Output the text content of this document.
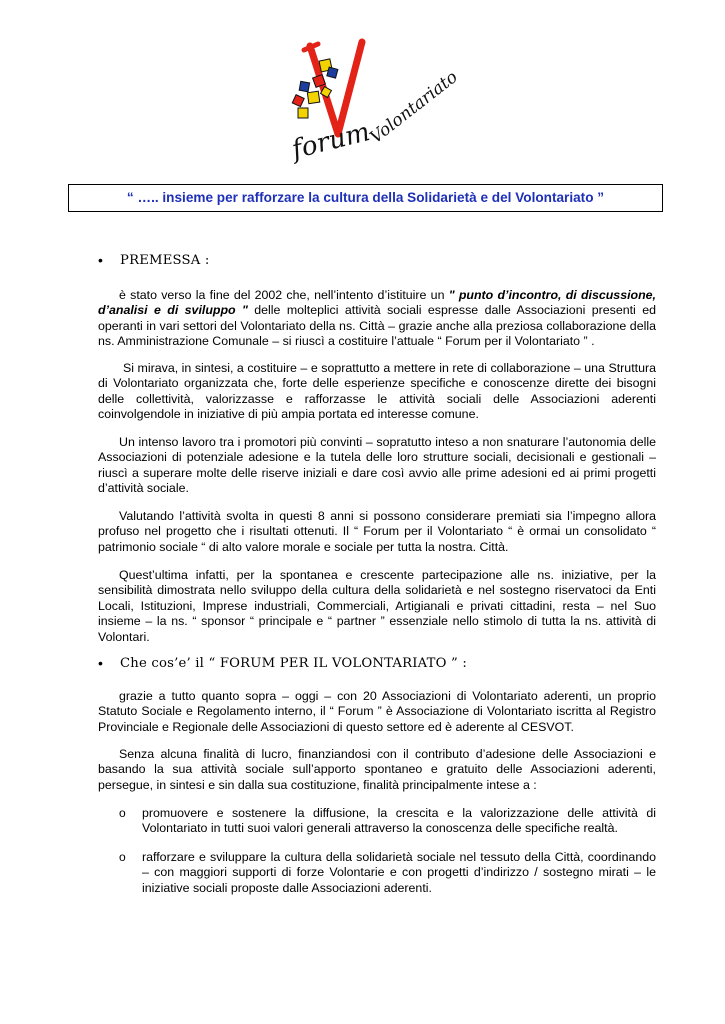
forum
Volontariato
“ ….. insieme per rafforzare la cultura della Solidarietà e del Volontariato ”
• PREMESSA :

è stato verso la fine del 2002 che, nell’intento d’istituire un " punto d’incontro, di discussione, d’analisi e di sviluppo " delle molteplici attività sociali espresse dalle Associazioni presenti ed operanti in vari settori del Volontariato della ns. Città – grazie anche alla preziosa collaborazione della ns. Amministrazione Comunale – si riuscì a costituire l’attuale “ Forum per il Volontariato ” .

Si mirava, in sintesi, a costituire – e soprattutto a mettere in rete di collaborazione – una Struttura di Volontariato organizzata che, forte delle esperienze specifiche e conoscenze dirette dei bisogni delle collettività, valorizzasse e rafforzasse le attività sociali delle Associazioni aderenti coinvolgendole in iniziative di più ampia portata ed interesse comune.

Un intenso lavoro tra i promotori più convinti – sopratutto inteso a non snaturare l’autonomia delle Associazioni di potenziale adesione e la tutela delle loro strutture sociali, decisionali e gestionali – riuscì a superare molte delle riserve iniziali e dare così avvio alle prime adesioni ed ai primi progetti d’attività sociale.

Valutando l’attività svolta in questi 8 anni si possono considerare premiati sia l’impegno allora profuso nel progetto che i risultati ottenuti. Il “ Forum per il Volontariato “ è ormai un consolidato “ patrimonio sociale “ di alto valore morale e sociale per tutta la nostra. Città.

Quest’ultima infatti, per la spontanea e crescente partecipazione alle ns. iniziative, per la sensibilità dimostrata nello sviluppo della cultura della solidarietà e nel sostegno riservatoci da Enti Locali, Istituzioni, Imprese industriali, Commerciali, Artigianali e privati cittadini, resta – nel Suo insieme – la ns. “ sponsor “ principale e “ partner ” essenziale nello stimolo di tutta la ns. attività di Volontari.

• Che cos’e’ il “ FORUM PER IL VOLONTARIATO ” :

grazie a tutto quanto sopra – oggi – con 20 Associazioni di Volontariato aderenti, un proprio Statuto Sociale e Regolamento interno, il “ Forum ” è Associazione di Volontariato iscritta al Registro Provinciale e Regionale delle Associazioni di questo settore ed è aderente al CESVOT.

Senza alcuna finalità di lucro, finanziandosi con il contributo d’adesione delle Associazioni e basando la sua attività sociale sull’apporto spontaneo e gratuito delle Associazioni aderenti, persegue, in sintesi e sin dalla sua costituzione, finalità principalmente intese a :

o promuovere e sostenere la diffusione, la crescita e la valorizzazione delle attività di Volontariato in tutti suoi valori generali attraverso la conoscenza delle specifiche realtà.

o rafforzare e sviluppare la cultura della solidarietà sociale nel tessuto della Città, coordinando – con maggiori supporti di forze Volontarie e con progetti d’indirizzo / sostegno mirati – le iniziative sociali proposte dalle Associazioni aderenti.
